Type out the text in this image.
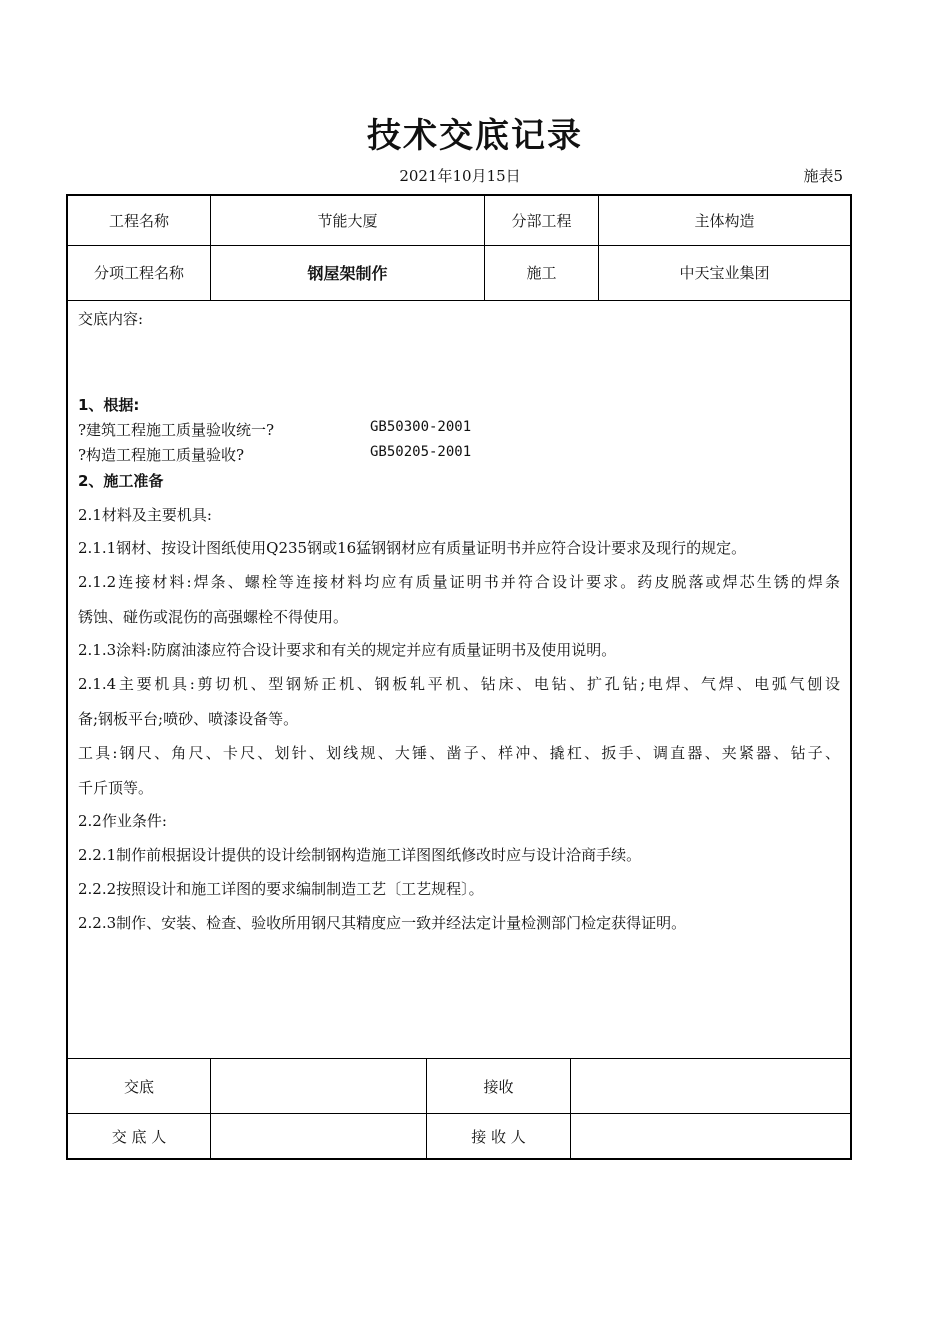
技术交底记录
2021年10月15日	施表5
工程名称	节能大厦	分部工程	主体构造
分项工程名称	钢屋架制作	施工	中天宝业集团
交底内容:
1、根据:
?建筑工程施工质量验收统一?	GB50300-2001
?构造工程施工质量验收?	GB50205-2001
2、施工准备
2.1材料及主要机具:
2.1.1钢材、按设计图纸使用Q235钢或16猛钢钢材应有质量证明书并应符合设计要求及现行的规定。
2.1.2连接材料:焊条、螺栓等连接材料均应有质量证明书并符合设计要求。药皮脱落或焊芯生锈的焊条
锈蚀、碰伤或混伤的高强螺栓不得使用。
2.1.3涂料:防腐油漆应符合设计要求和有关的规定并应有质量证明书及使用说明。
2.1.4主要机具:剪切机、型钢矫正机、钢板轧平机、钻床、电钻、扩孔钻;电焊、气焊、电弧气刨设
备;钢板平台;喷砂、喷漆设备等。
工具:钢尺、角尺、卡尺、划针、划线规、大锤、凿子、样冲、撬杠、扳手、调直器、夹紧器、钻子、
千斤顶等。
2.2作业条件:
2.2.1制作前根据设计提供的设计绘制钢构造施工详图图纸修改时应与设计洽商手续。
2.2.2按照设计和施工详图的要求编制制造工艺〔工艺规程〕。
2.2.3制作、安装、检查、验收所用钢尺其精度应一致并经法定计量检测部门检定获得证明。
交底	接收
交 底 人	接 收 人
